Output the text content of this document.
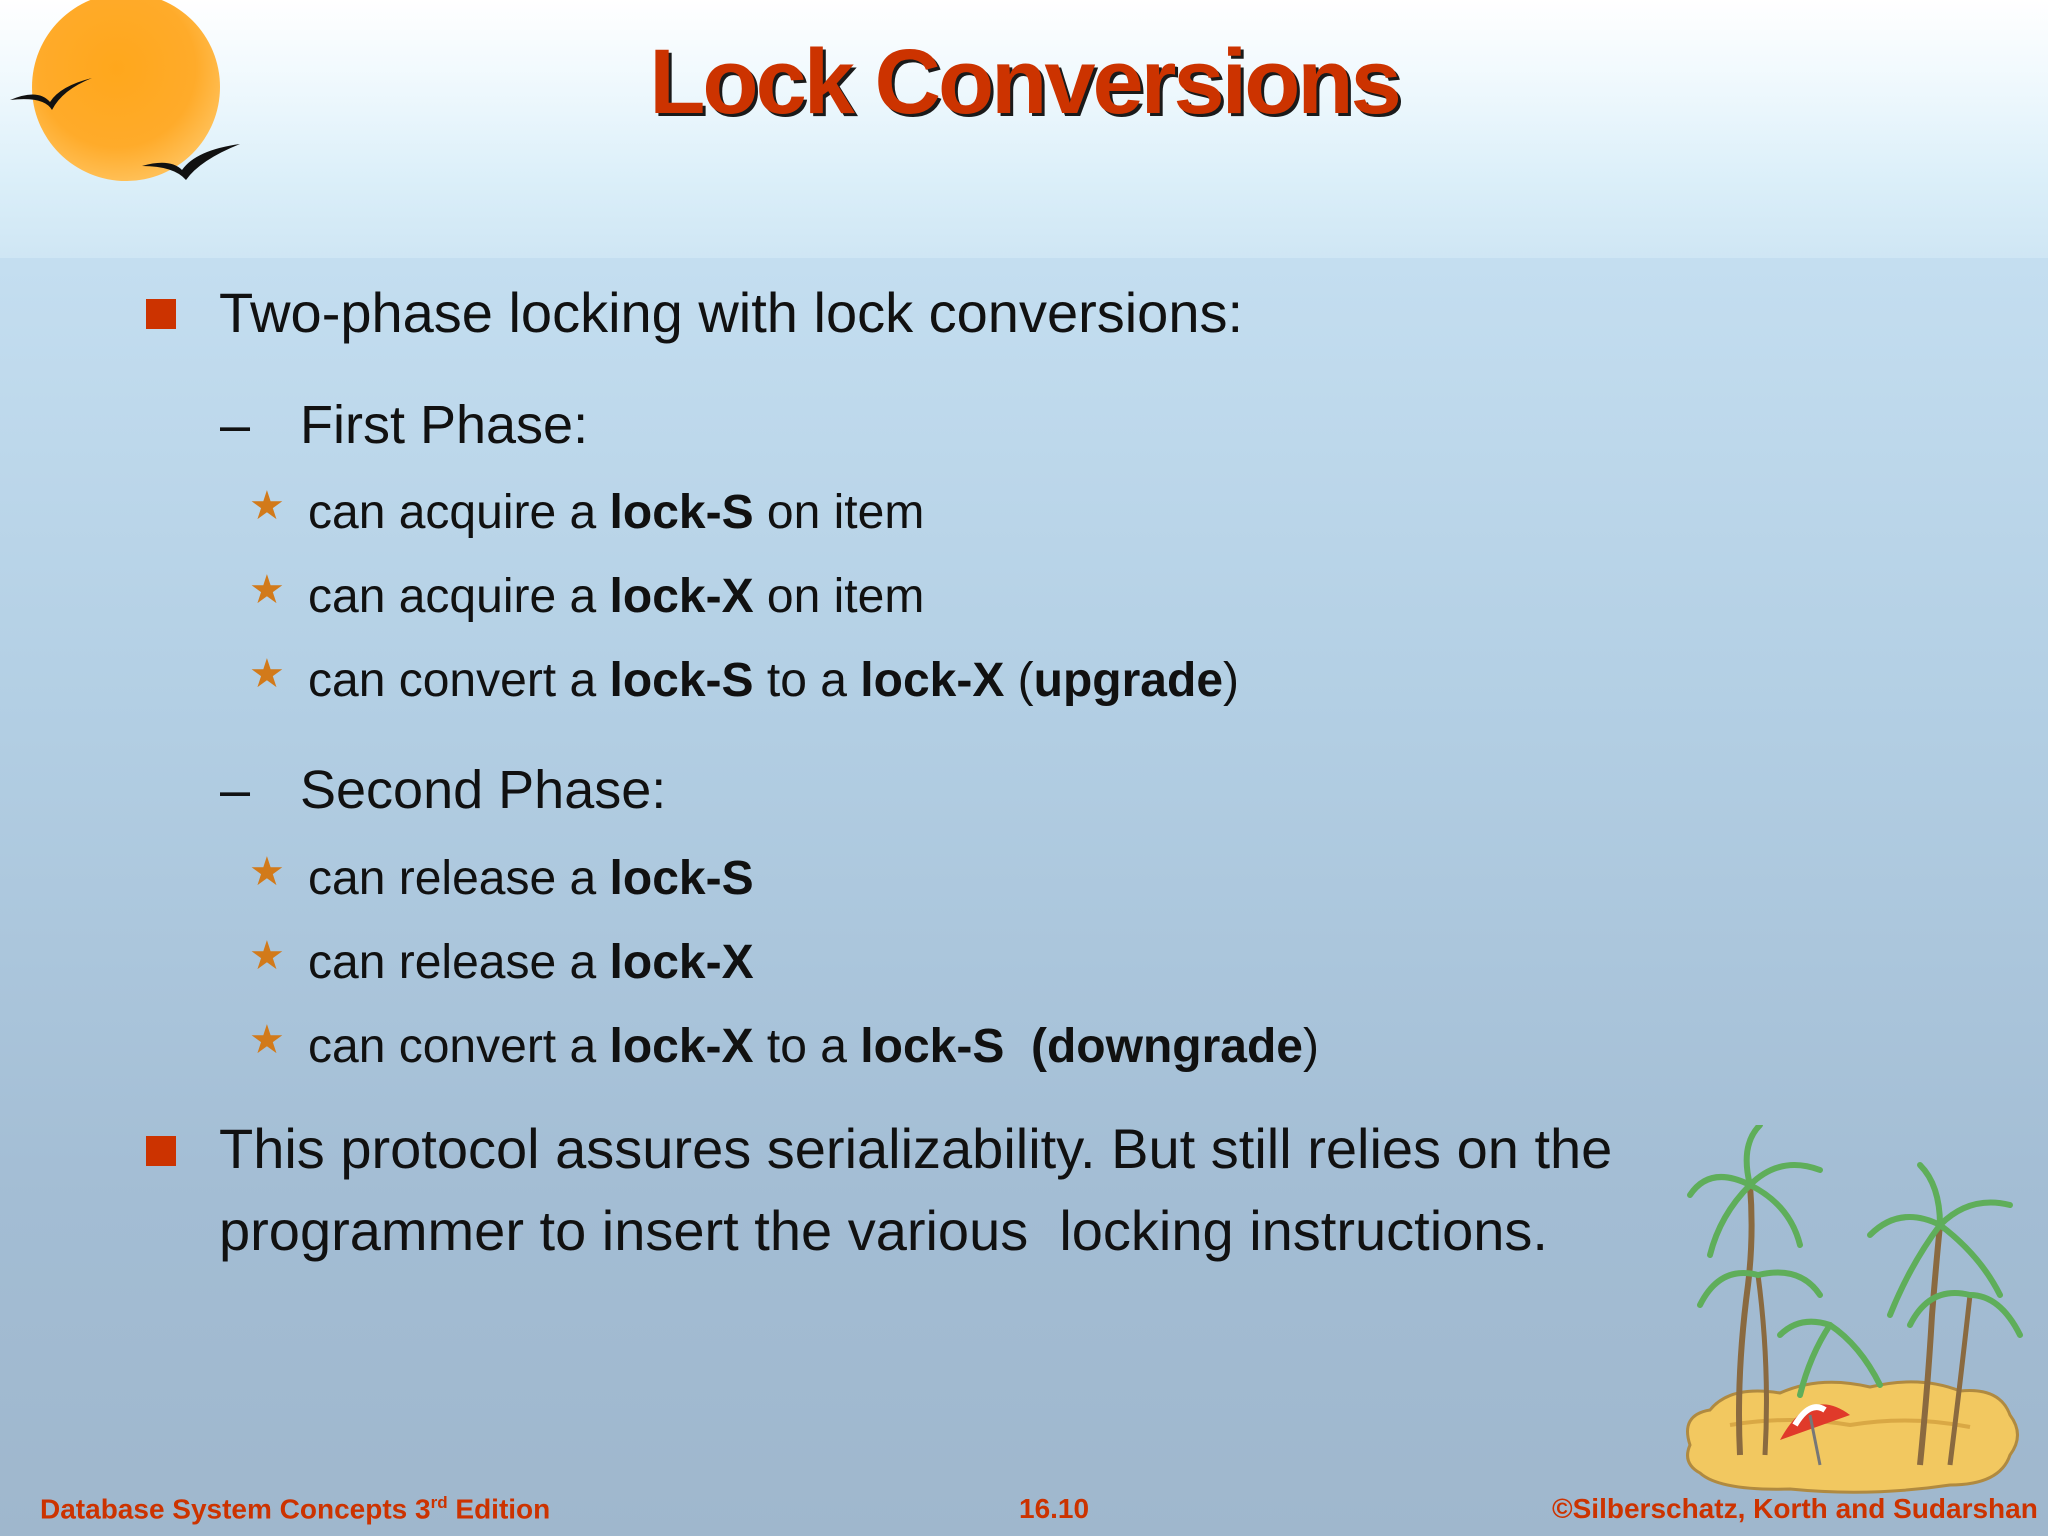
Lock Conversions
Two-phase locking with lock conversions:
– First Phase:
★ can acquire a lock-S on item
★ can acquire a lock-X on item
★ can convert a lock-S to a lock-X (upgrade)
– Second Phase:
★ can release a lock-S
★ can release a lock-X
★ can convert a lock-X to a lock-S (downgrade)
This protocol assures serializability. But still relies on the
programmer to insert the various  locking instructions.
Database System Concepts 3rd Edition	16.10	©Silberschatz, Korth and Sudarshan
